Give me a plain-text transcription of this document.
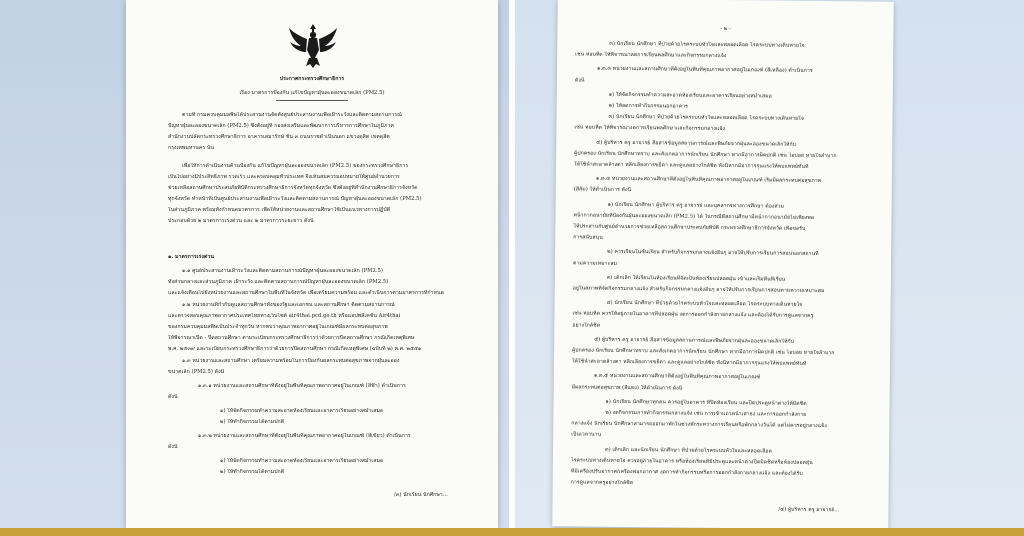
ประกาศกระทรวงศึกษาธิการ
เรื่อง มาตรการป้องกัน แก้ไขปัญหาฝุ่นละอองขนาดเล็ก (PM2.5)
ตามที่ กรมควบคุมมลพิษได้ประสานงานจัดตั้งศูนย์ประสานงานเพื่อเฝ้าระวังและติดตามสถานการณ์
ปัญหาฝุ่นละอองขนาดเล็ก (PM2.5) ซึ่งตั้งอยู่ที่ กองส่งเสริมและพัฒนาการบริหารการศึกษาในภูมิภาค
สำนักงานปลัดกระทรวงศึกษาธิการ อาคารเสมารักษ์ ชั้น ๓ ถนนราชดำเนินนอก แขวงดุสิต เขตดุสิต
กรุงเทพมหานคร นั้น
เพื่อให้การดำเนินงานด้านป้องกัน แก้ไขปัญหาฝุ่นละอองขนาดเล็ก (PM2.5) ของกระทรวงศึกษาธิการ
เป็นไปอย่างมีประสิทธิภาพ รวดเร็ว และครอบคลุมทั่วประเทศ จึงเห็นสมควรมอบหมายให้ศูนย์อำนวยการ
ช่วยเหลือสถานศึกษาประสบภัยพิบัติกระทรวงศึกษาธิการจังหวัดทุกจังหวัด ซึ่งตั้งอยู่ที่สำนักงานศึกษาธิการจังหวัด
ทุกจังหวัด ทำหน้าที่เป็นศูนย์ประสานงานเพื่อเฝ้าระวังและติดตามสถานการณ์ ปัญหาฝุ่นละอองขนาดเล็ก (PM2.5)
ในส่วนภูมิภาค พร้อมทั้งกำหนดมาตรการ เพื่อให้หน่วยงานและสถานศึกษาใช้เป็นแนวทางการปฏิบัติ
ประกอบด้วย ๒ มาตรการเร่งด่วน และ ๒ มาตรการระยะยาว ดังนี้
๑. มาตรการเร่งด่วน
๑.๑ ศูนย์ประสานงานเฝ้าระวังและติดตามสถานการณ์ปัญหาฝุ่นละอองขนาดเล็ก (PM2.5)
ทั้งส่วนกลางและส่วนภูมิภาค เฝ้าระวัง และติดตามสถานการณ์ปัญหาฝุ่นละอองขนาดเล็ก (PM2.5)
และแจ้งเตือนไปยังหน่วยงานและสถานศึกษาในพื้นที่ในจังหวัด เพื่อเตรียมความพร้อม และดำเนินการตามมาตรการที่กำหนด
๑.๒ หน่วยงานที่กำกับดูแลสถานศึกษาทั้งของรัฐและเอกชน และสถานศึกษา ติดตามสถานการณ์
และตรวจสอบคุณภาพอากาศประเทศไทยทางเว็บไซต์ air4thai.pcd.go.th หรือแอปพลิเคชัน Air4thai
ของกรมควบคุมมลพิษเป็นประจำทุกวัน หากพบว่าคุณภาพอากาศอยู่ในเกณฑ์มีผลกระทบต่อสุขภาพ
ให้พิจารณาเปิด - ปิดสถานศึกษา ตามระเบียบกระทรวงศึกษาธิการว่าด้วยการปิดสถานศึกษา กรณีเกิดเหตุพิเศษ
พ.ศ. ๒๕๓๙ และระเบียบกระทรวงศึกษาธิการว่าด้วยการปิดสถานศึกษา กรณีเกิดเหตุพิเศษ (ฉบับที่ ๒) พ.ศ. ๒๕๕๑
๑.๓ หน่วยงานและสถานศึกษา เตรียมความพร้อมในการป้องกันผลกระทบต่อสุขภาพจากฝุ่นละออง
ขนาดเล็ก (PM2.5) ดังนี้
๑.๓.๑ หน่วยงานและสถานศึกษาที่ตั้งอยู่ในพื้นที่คุณภาพอากาศอยู่ในเกณฑ์ (สีฟ้า) ดำเนินการ
ดังนี้
๑) ให้จัดกิจกรรมทำความสะอาดห้องเรียนและอาคารเรียนอย่างสม่ำเสมอ
๒) ให้ทำกิจกรรมได้ตามปกติ
๑.๓.๒ หน่วยงานและสถานศึกษาที่ตั้งอยู่ในพื้นที่คุณภาพอากาศอยู่ในเกณฑ์ (สีเขียว) ดำเนินการ
ดังนี้
๑) ให้จัดกิจกรรมทำความสะอาดห้องเรียนและอาคารเรียนอย่างสม่ำเสมอ
๒) ให้ทำกิจกรรมได้ตามปกติ
/๓) นักเรียน นักศึกษา...
- ๒ -
๓) นักเรียน นักศึกษา ที่ป่วยด้วยโรคระบบหัวใจและหลอดเลือด โรคระบบทางเดินหายใจ
เช่น หอบหืด ให้พิจารณาลดการเรียนพลศึกษาและกิจกรรมกลางแจ้ง
๑.๓.๓ หน่วยงานและสถานศึกษาที่ตั้งอยู่ในพื้นที่คุณภาพอากาศอยู่ในเกณฑ์ (สีเหลือง) ดำเนินการ
ดังนี้
๑) ให้จัดกิจกรรมทำความสะอาดห้องเรียนและอาคารเรียนอย่างสม่ำเสมอ
๒) ให้ลดการทำกิจกรรมนอกอาคาร
๓) นักเรียน นักศึกษา ที่ป่วยด้วยโรคระบบหัวใจและหลอดเลือด โรคระบบทางเดินหายใจ
เช่น หอบหืด ให้พิจารณางดการเรียนพลศึกษาและกิจกรรมกลางแจ้ง
๔) ผู้บริหาร ครู อาจารย์ สื่อสารข้อมูลสถานการณ์และพิษภัยจากฝุ่นละอองขนาดเล็กให้กับ
ผู้ปกครอง นักเรียน นักศึกษาทราบ และสังเกตอาการนักเรียน นักศึกษา หากมีอาการผิดปกติ เช่น ไอบ่อย หายใจลำบาก
ให้ใช้น้ำสะอาดล้างตา หลีกเลี่ยงการขยี้ตา และดูแลอย่างใกล้ชิด ทั้งนี้หากมีอาการรุนแรงให้พบแพทย์ทันที
๑.๓.๔ หน่วยงานและสถานศึกษาที่ตั้งอยู่ในพื้นที่คุณภาพอากาศอยู่ในเกณฑ์ เริ่มมีผลกระทบต่อสุขภาพ
(สีส้ม) ให้ดำเนินการ ดังนี้
๑) นักเรียน นักศึกษา ผู้บริหาร ครู อาจารย์ และบุคลากรทางการศึกษา ต้องสวม
หน้ากากอนามัยที่ป้องกันฝุ่นละอองขนาดเล็ก (PM2.5) ได้ ในกรณีที่สถานศึกษามีหน้ากากอนามัยไม่เพียงพอ
ให้ประสานกับศูนย์อำนวยการช่วยเหลือสถานศึกษาประสบภัยพิบัติ กระทรวงศึกษาธิการจังหวัด เพื่อขอรับ
การสนับสนุน
๒) ควรเรียนในชั้นเรียน สำหรับกิจกรรมกลางแจ้งอื่นๆ อาจให้ปรับการเรียนการสอนนอกสถานที่
ตามความเหมาะสม
๓) เด็กเล็ก ให้เรียนในห้องเรียนที่จัดเป็นห้องเรียนปลอดฝุ่น เข้าและเริ่มพื้นที่เรียน
อยู่ในสภาพที่จัดกิจกรรมกลางแจ้ง สำหรับกิจกรรมกลางแจ้งอื่นๆ อาจให้ปรับการเรียนการสอนตามความเหมาะสม
๔) นักเรียน นักศึกษา ที่ป่วยด้วยโรคระบบหัวใจและหลอดเลือด โรคระบบทางเดินหายใจ
เช่น หอบหืด ควรให้อยู่ภายในอาคารที่ปลอดฝุ่น งดการออกกำลังกายกลางแจ้ง และต้องได้รับการดูแลจากครู
อย่างใกล้ชิด
๕) ผู้บริหาร ครู อาจารย์ สื่อสารข้อมูลสถานการณ์และพิษภัยจากฝุ่นละอองขนาดเล็กให้กับ
ผู้ปกครอง นักเรียน นักศึกษาทราบ และสังเกตอาการนักเรียน นักศึกษา หากมีอาการผิดปกติ เช่น ไอบ่อย หายใจลำบาก
ให้ใช้น้ำสะอาดล้างตา หลีกเลี่ยงการขยี้ตา และดูแลอย่างใกล้ชิด ทั้งนี้หากมีอาการรุนแรงให้พบแพทย์ทันที
๑.๓.๕ หน่วยงานและสถานศึกษาที่ตั้งอยู่ในพื้นที่คุณภาพอากาศอยู่ในเกณฑ์
มีผลกระทบต่อสุขภาพ (สีแดง) ให้ดำเนินการ ดังนี้
๑) นักเรียน นักศึกษาทุกคน ควรอยู่ในอาคาร ที่ปิดห้องเรียน และปิดประตูหน้าต่างให้มิดชิด
๒) งดกิจกรรมการทำกิจกรรมกลางแจ้ง เช่น การเข้าแถวหน้าเสาธง และการออกกำลังกาย
กลางแจ้ง นักเรียน นักศึกษาสามารถออกมาพักในช่วงพักระหว่างการเรียนหรือพักกลางวันได้ แต่ไม่ควรอยู่กลางแจ้ง
เป็นเวลานาน
๓) เด็กเล็ก และนักเรียน นักศึกษา ที่ป่วยด้วยโรคระบบหัวใจและหลอดเลือด
โรคระบบทางเดินหายใจ ควรอยู่ภายในอาคาร หรือห้องเรียนที่มีประตูและหน้าต่างปิดมิดชิดหรือห้องปลอดฝุ่น
ที่มีเครื่องปรับอากาศ/เครื่องฟอกอากาศ งดการทำกิจกรรมหรือการออกกำลังกายกลางแจ้ง และต้องได้รับ
การดูแลจากครูอย่างใกล้ชิด
/๔) ผู้บริหาร ครู อาจารย์...
